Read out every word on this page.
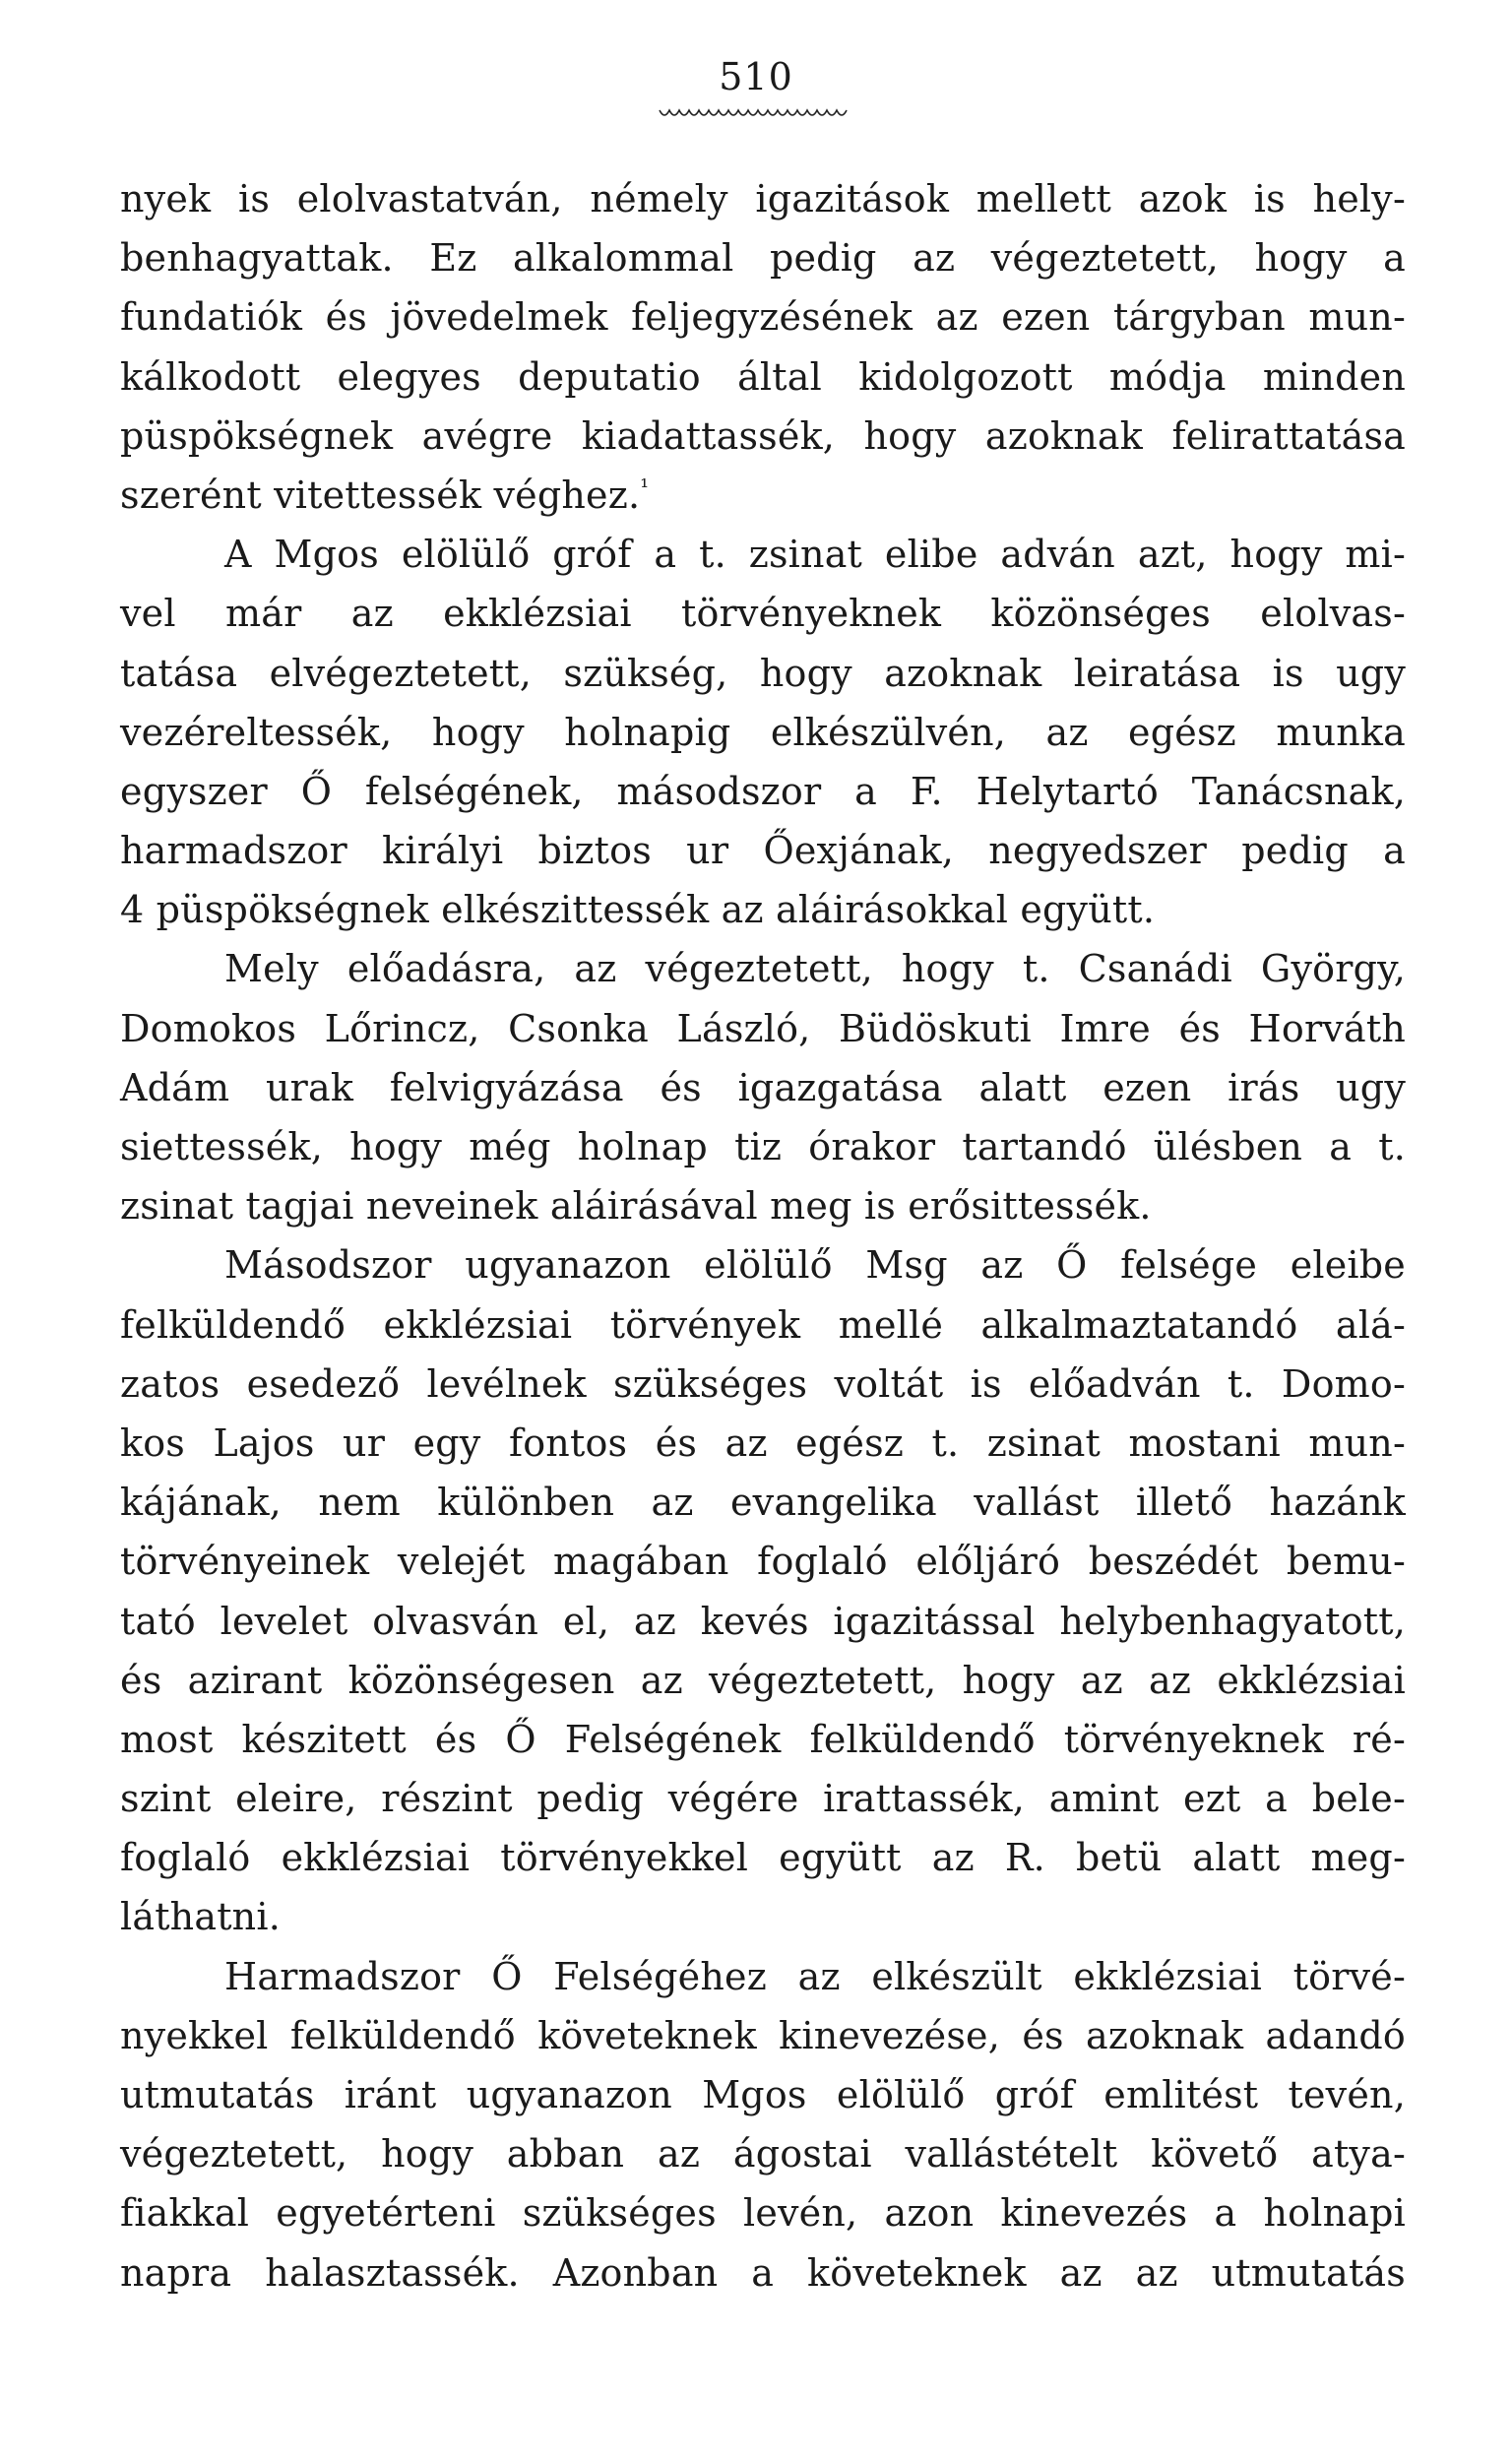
510
nyek is elolvastatván, némely igazitások mellett azok is hely-
benhagyattak. Ez alkalommal pedig az végeztetett, hogy a
fundatiók és jövedelmek feljegyzésének az ezen tárgyban mun-
kálkodott elegyes deputatio által kidolgozott módja minden
püspökségnek avégre kiadattassék, hogy azoknak felirattatása
szerént vitettessék véghez.$^{^1}$
A Mgos elölülő gróf a t. zsinat elibe adván azt, hogy mi-
vel már az ekklézsiai törvényeknek közönséges elolvas-
tatása elvégeztetett, szükség, hogy azoknak leiratása is ugy
vezéreltessék, hogy holnapig elkészülvén, az egész munka
egyszer Ő felségének, másodszor a F. Helytartó Tanácsnak,
harmadszor királyi biztos ur Őexjának, negyedszer pedig a
4 püspökségnek elkészittessék az aláirásokkal együtt.
Mely előadásra, az végeztetett, hogy t. Csanádi György,
Domokos Lőrincz, Csonka László, Büdöskuti Imre és Horváth
Adám urak felvigyázása és igazgatása alatt ezen irás ugy
siettessék, hogy még holnap tiz órakor tartandó ülésben a t.
zsinat tagjai neveinek aláirásával meg is erősittessék.
Másodszor ugyanazon elölülő Msg az Ő felsége eleibe
felküldendő ekklézsiai törvények mellé alkalmaztatandó alá-
zatos esedező levélnek szükséges voltát is előadván t. Domo-
kos Lajos ur egy fontos és az egész t. zsinat mostani mun-
kájának, nem különben az evangelika vallást illető hazánk
törvényeinek velejét magában foglaló előljáró beszédét bemu-
tató levelet olvasván el, az kevés igazitással helybenhagyatott,
és azirant közönségesen az végeztetett, hogy az az ekklézsiai
most készitett és Ő Felségének felküldendő törvényeknek ré-
szint eleire, részint pedig végére irattassék, amint ezt a bele-
foglaló ekklézsiai törvényekkel együtt az R. betü alatt meg-
láthatni.
Harmadszor Ő Felségéhez az elkészült ekklézsiai törvé-
nyekkel felküldendő követeknek kinevezése, és azoknak adandó
utmutatás iránt ugyanazon Mgos elölülő gróf emlitést tevén,
végeztetett, hogy abban az ágostai vallástételt követő atya-
fiakkal egyetérteni szükséges levén, azon kinevezés a holnapi
napra halasztassék. Azonban a követeknek az az utmutatás
